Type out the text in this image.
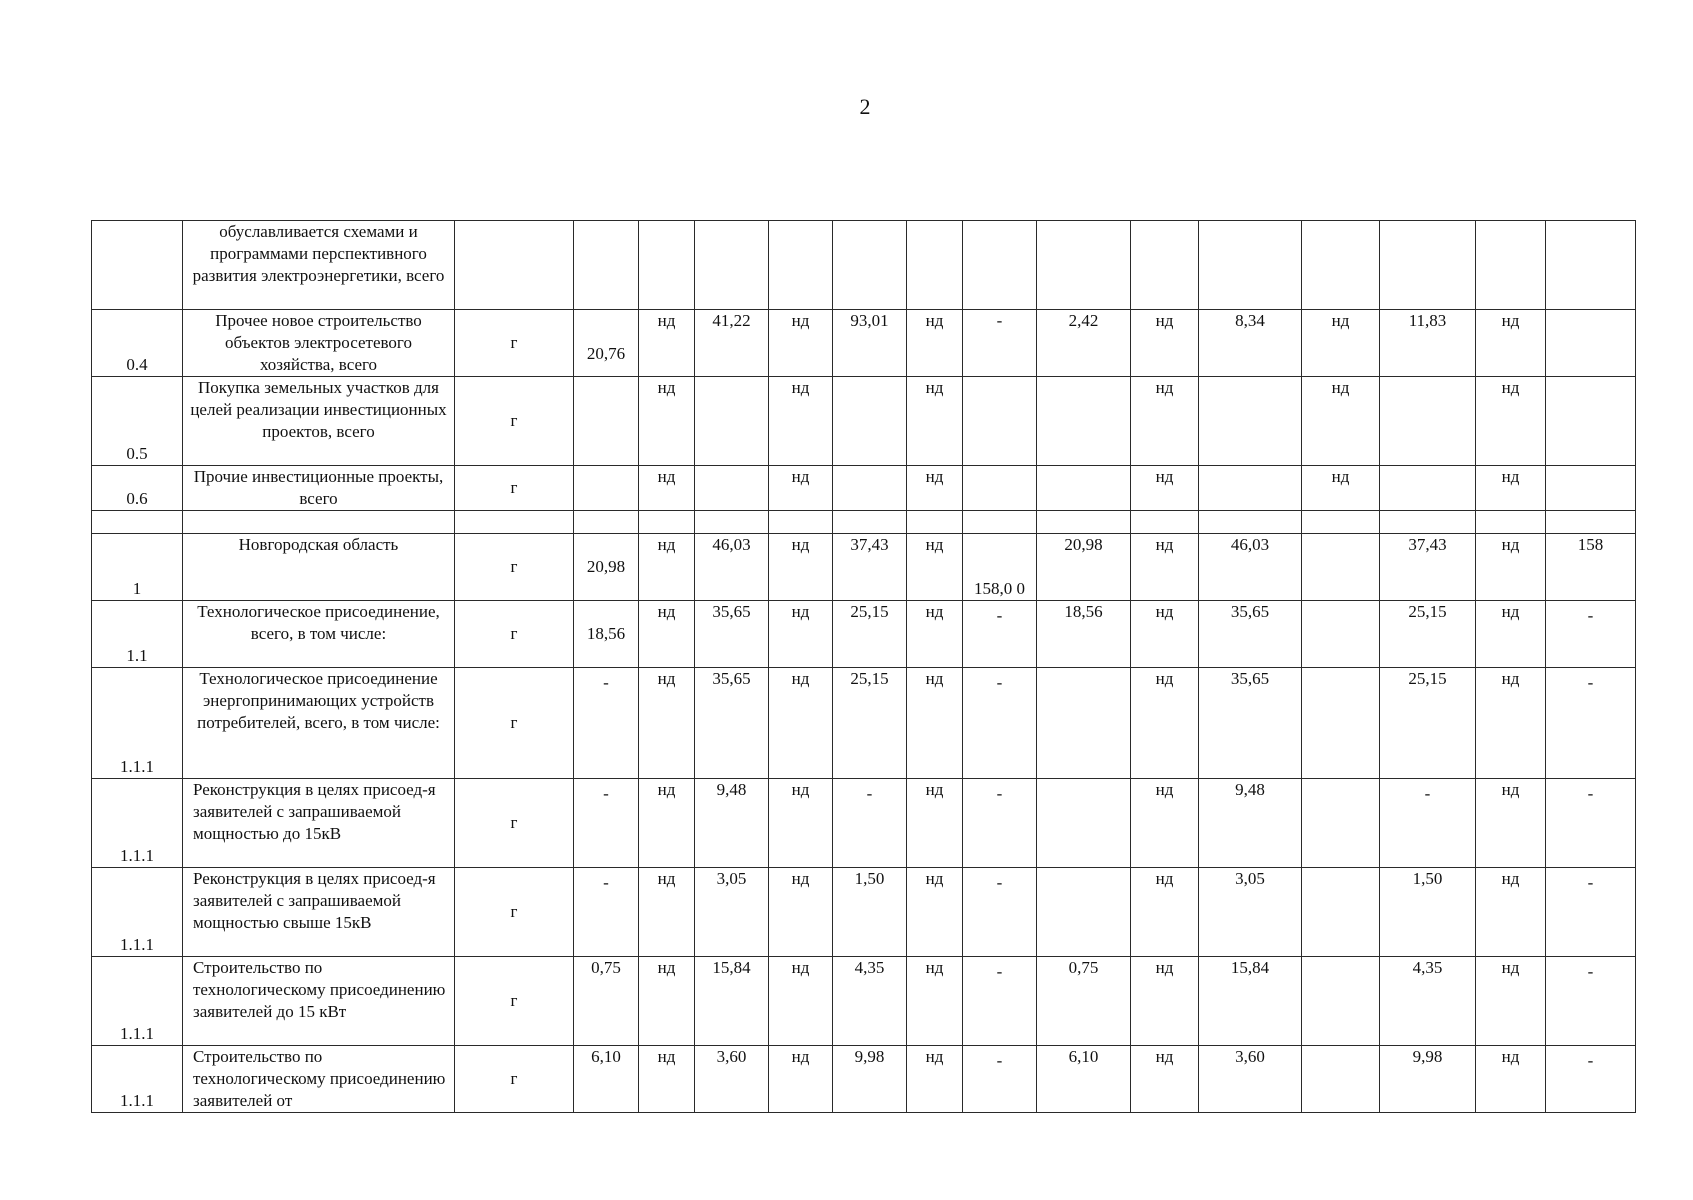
2
	обуславливается схемами и программами перспективного развития электроэнергетики, всего															
0.4	Прочее новое строительство объектов электросетевого хозяйства, всего	г	20,76	нд	41,22	нд	93,01	нд	-	2,42	нд	8,34	нд	11,83	нд	
0.5	Покупка земельных участков для целей реализации инвестиционных проектов, всего	г		нд		нд		нд			нд		нд		нд	
0.6	Прочие инвестиционные проекты, всего	г		нд		нд		нд			нд		нд		нд	

1	Новгородская область	г	20,98	нд	46,03	нд	37,43	нд	158,0 0	20,98	нд	46,03		37,43	нд	158
1.1	Технологическое присоединение, всего, в том числе:	г	18,56	нд	35,65	нд	25,15	нд	-	18,56	нд	35,65		25,15	нд	-
1.1.1	Технологическое присоединение энергопринимающих устройств потребителей, всего, в том числе:	г	-	нд	35,65	нд	25,15	нд	-		нд	35,65		25,15	нд	-
1.1.1	Реконструкция в целях присоед-я заявителей с запрашиваемой мощностью до 15кВ	г	-	нд	9,48	нд	-	нд	-		нд	9,48		-	нд	-
1.1.1	Реконструкция в целях присоед-я заявителей с запрашиваемой мощностью свыше 15кВ	г	-	нд	3,05	нд	1,50	нд	-		нд	3,05		1,50	нд	-
1.1.1	Строительство по технологическому присоединению заявителей до 15 кВт	г	0,75	нд	15,84	нд	4,35	нд	-	0,75	нд	15,84		4,35	нд	-
1.1.1	Строительство по технологическому присоединению заявителей от	г	6,10	нд	3,60	нд	9,98	нд	-	6,10	нд	3,60		9,98	нд	-
